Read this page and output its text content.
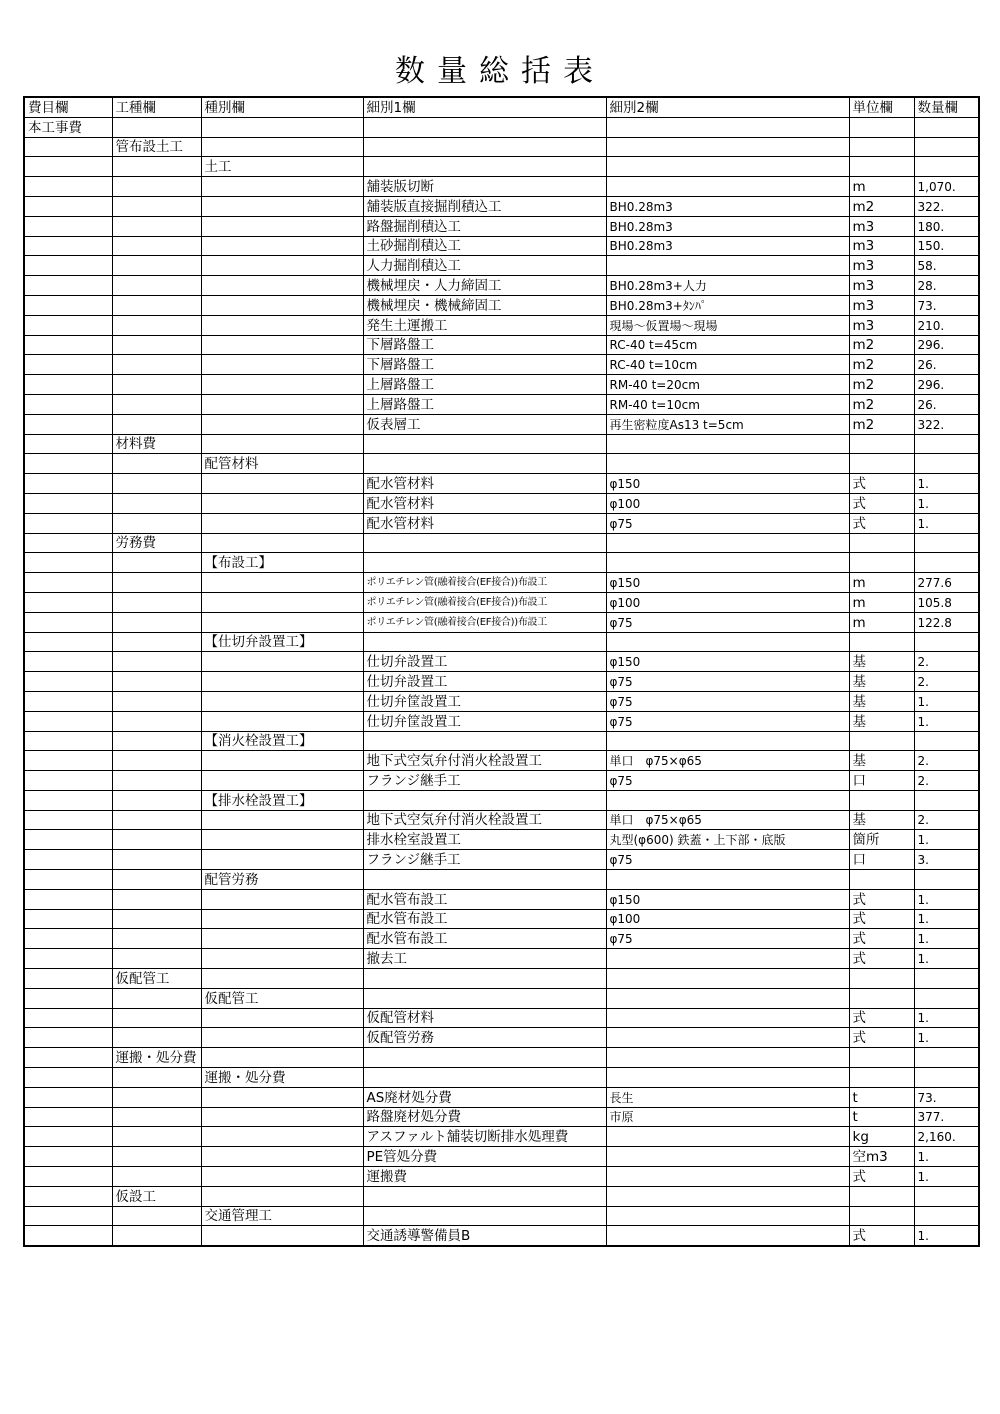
数量総括表
費目欄	工種欄	種別欄	細別1欄	細別2欄	単位欄	数量欄
本工事費						
	管布設土工					
		土工				
			舗装版切断		m	1,070.
			舗装版直接掘削積込工	BH0.28m3	m2	322.
			路盤掘削積込工	BH0.28m3	m3	180.
			土砂掘削積込工	BH0.28m3	m3	150.
			人力掘削積込工		m3	58.
			機械埋戻・人力締固工	BH0.28m3+人力	m3	28.
			機械埋戻・機械締固工	BH0.28m3+ﾀﾝﾊﾟ	m3	73.
			発生土運搬工	現場～仮置場～現場	m3	210.
			下層路盤工	RC-40 t=45cm	m2	296.
			下層路盤工	RC-40 t=10cm	m2	26.
			上層路盤工	RM-40 t=20cm	m2	296.
			上層路盤工	RM-40 t=10cm	m2	26.
			仮表層工	再生密粒度As13 t=5cm	m2	322.
	材料費					
		配管材料				
			配水管材料	φ150	式	1.
			配水管材料	φ100	式	1.
			配水管材料	φ75	式	1.
	労務費					
		【布設工】				
			ポリエチレン管(融着接合(EF接合))布設工	φ150	m	277.6
			ポリエチレン管(融着接合(EF接合))布設工	φ100	m	105.8
			ポリエチレン管(融着接合(EF接合))布設工	φ75	m	122.8
		【仕切弁設置工】				
			仕切弁設置工	φ150	基	2.
			仕切弁設置工	φ75	基	2.
			仕切弁筐設置工	φ75	基	1.
			仕切弁筐設置工	φ75	基	1.
		【消火栓設置工】				
			地下式空気弁付消火栓設置工	単口　φ75×φ65	基	2.
			フランジ継手工	φ75	口	2.
		【排水栓設置工】				
			地下式空気弁付消火栓設置工	単口　φ75×φ65	基	2.
			排水栓室設置工	丸型(φ600) 鉄蓋・上下部・底版	箇所	1.
			フランジ継手工	φ75	口	3.
		配管労務				
			配水管布設工	φ150	式	1.
			配水管布設工	φ100	式	1.
			配水管布設工	φ75	式	1.
			撤去工		式	1.
	仮配管工					
		仮配管工				
			仮配管材料		式	1.
			仮配管労務		式	1.
	運搬・処分費					
		運搬・処分費				
			AS廃材処分費	長生	t	73.
			路盤廃材処分費	市原	t	377.
			アスファルト舗装切断排水処理費		kg	2,160.
			PE管処分費		空m3	1.
			運搬費		式	1.
	仮設工					
		交通管理工				
			交通誘導警備員B		式	1.
